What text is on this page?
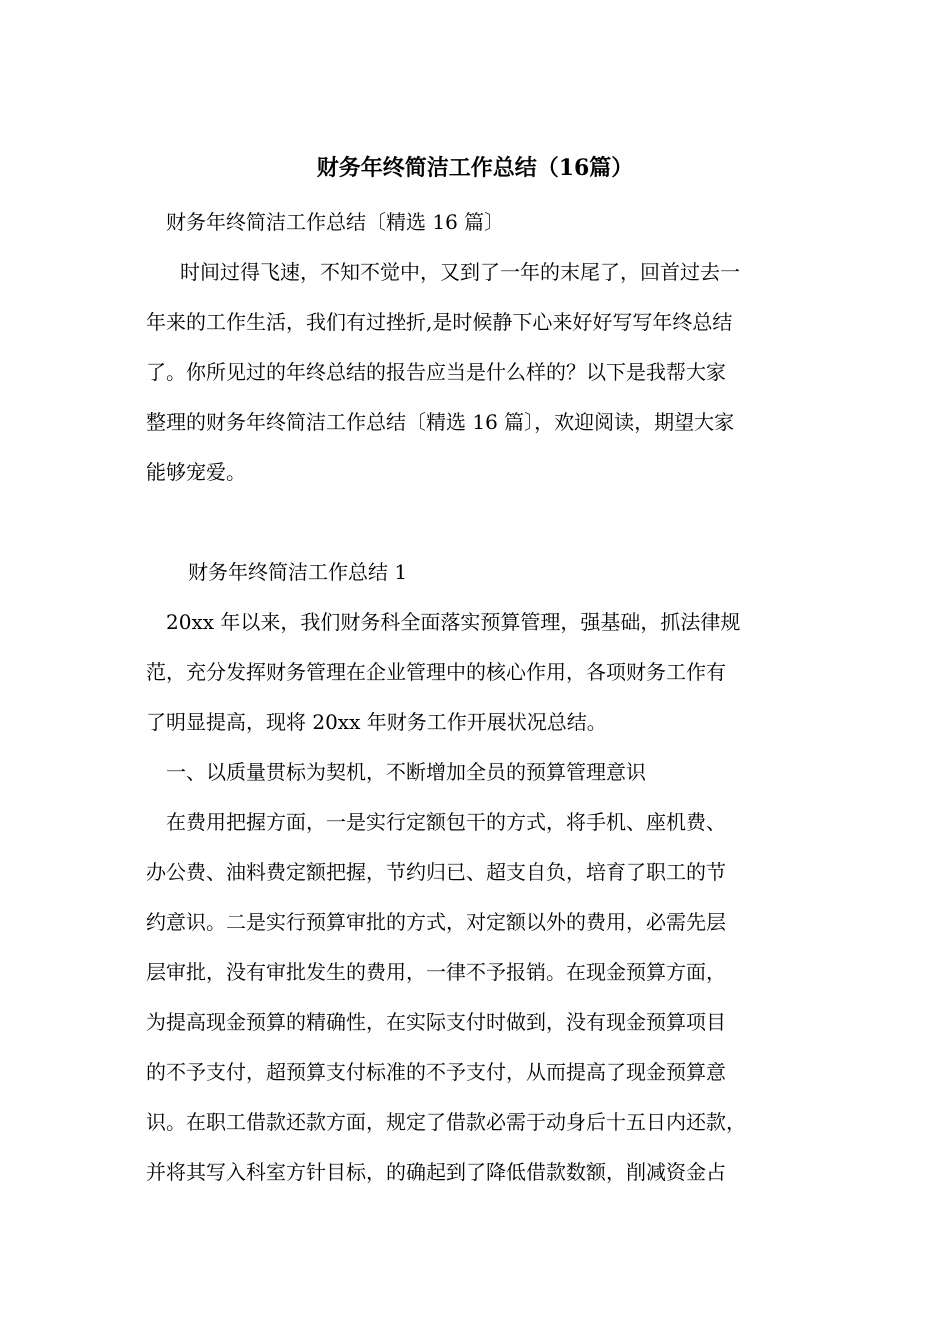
财务年终简洁工作总结（16篇）
财务年终简洁工作总结〔精选 16 篇〕
时间过得飞速，不知不觉中，又到了一年的末尾了，回首过去一
年来的工作生活，我们有过挫折,是时候静下心来好好写写年终总结
了。你所见过的年终总结的报告应当是什么样的？以下是我帮大家
整理的财务年终简洁工作总结〔精选 16 篇〕，欢迎阅读，期望大家
能够宠爱。
财务年终简洁工作总结 1
20xx 年以来，我们财务科全面落实预算管理，强基础，抓法律规
范，充分发挥财务管理在企业管理中的核心作用，各项财务工作有
了明显提高，现将 20xx 年财务工作开展状况总结。
一、以质量贯标为契机，不断增加全员的预算管理意识
在费用把握方面，一是实行定额包干的方式，将手机、座机费、
办公费、油料费定额把握，节约归已、超支自负，培育了职工的节
约意识。二是实行预算审批的方式，对定额以外的费用，必需先层
层审批，没有审批发生的费用，一律不予报销。在现金预算方面，
为提高现金预算的精确性，在实际支付时做到，没有现金预算项目
的不予支付，超预算支付标准的不予支付，从而提高了现金预算意
识。在职工借款还款方面，规定了借款必需于动身后十五日内还款，
并将其写入科室方针目标，的确起到了降低借款数额，削减资金占
